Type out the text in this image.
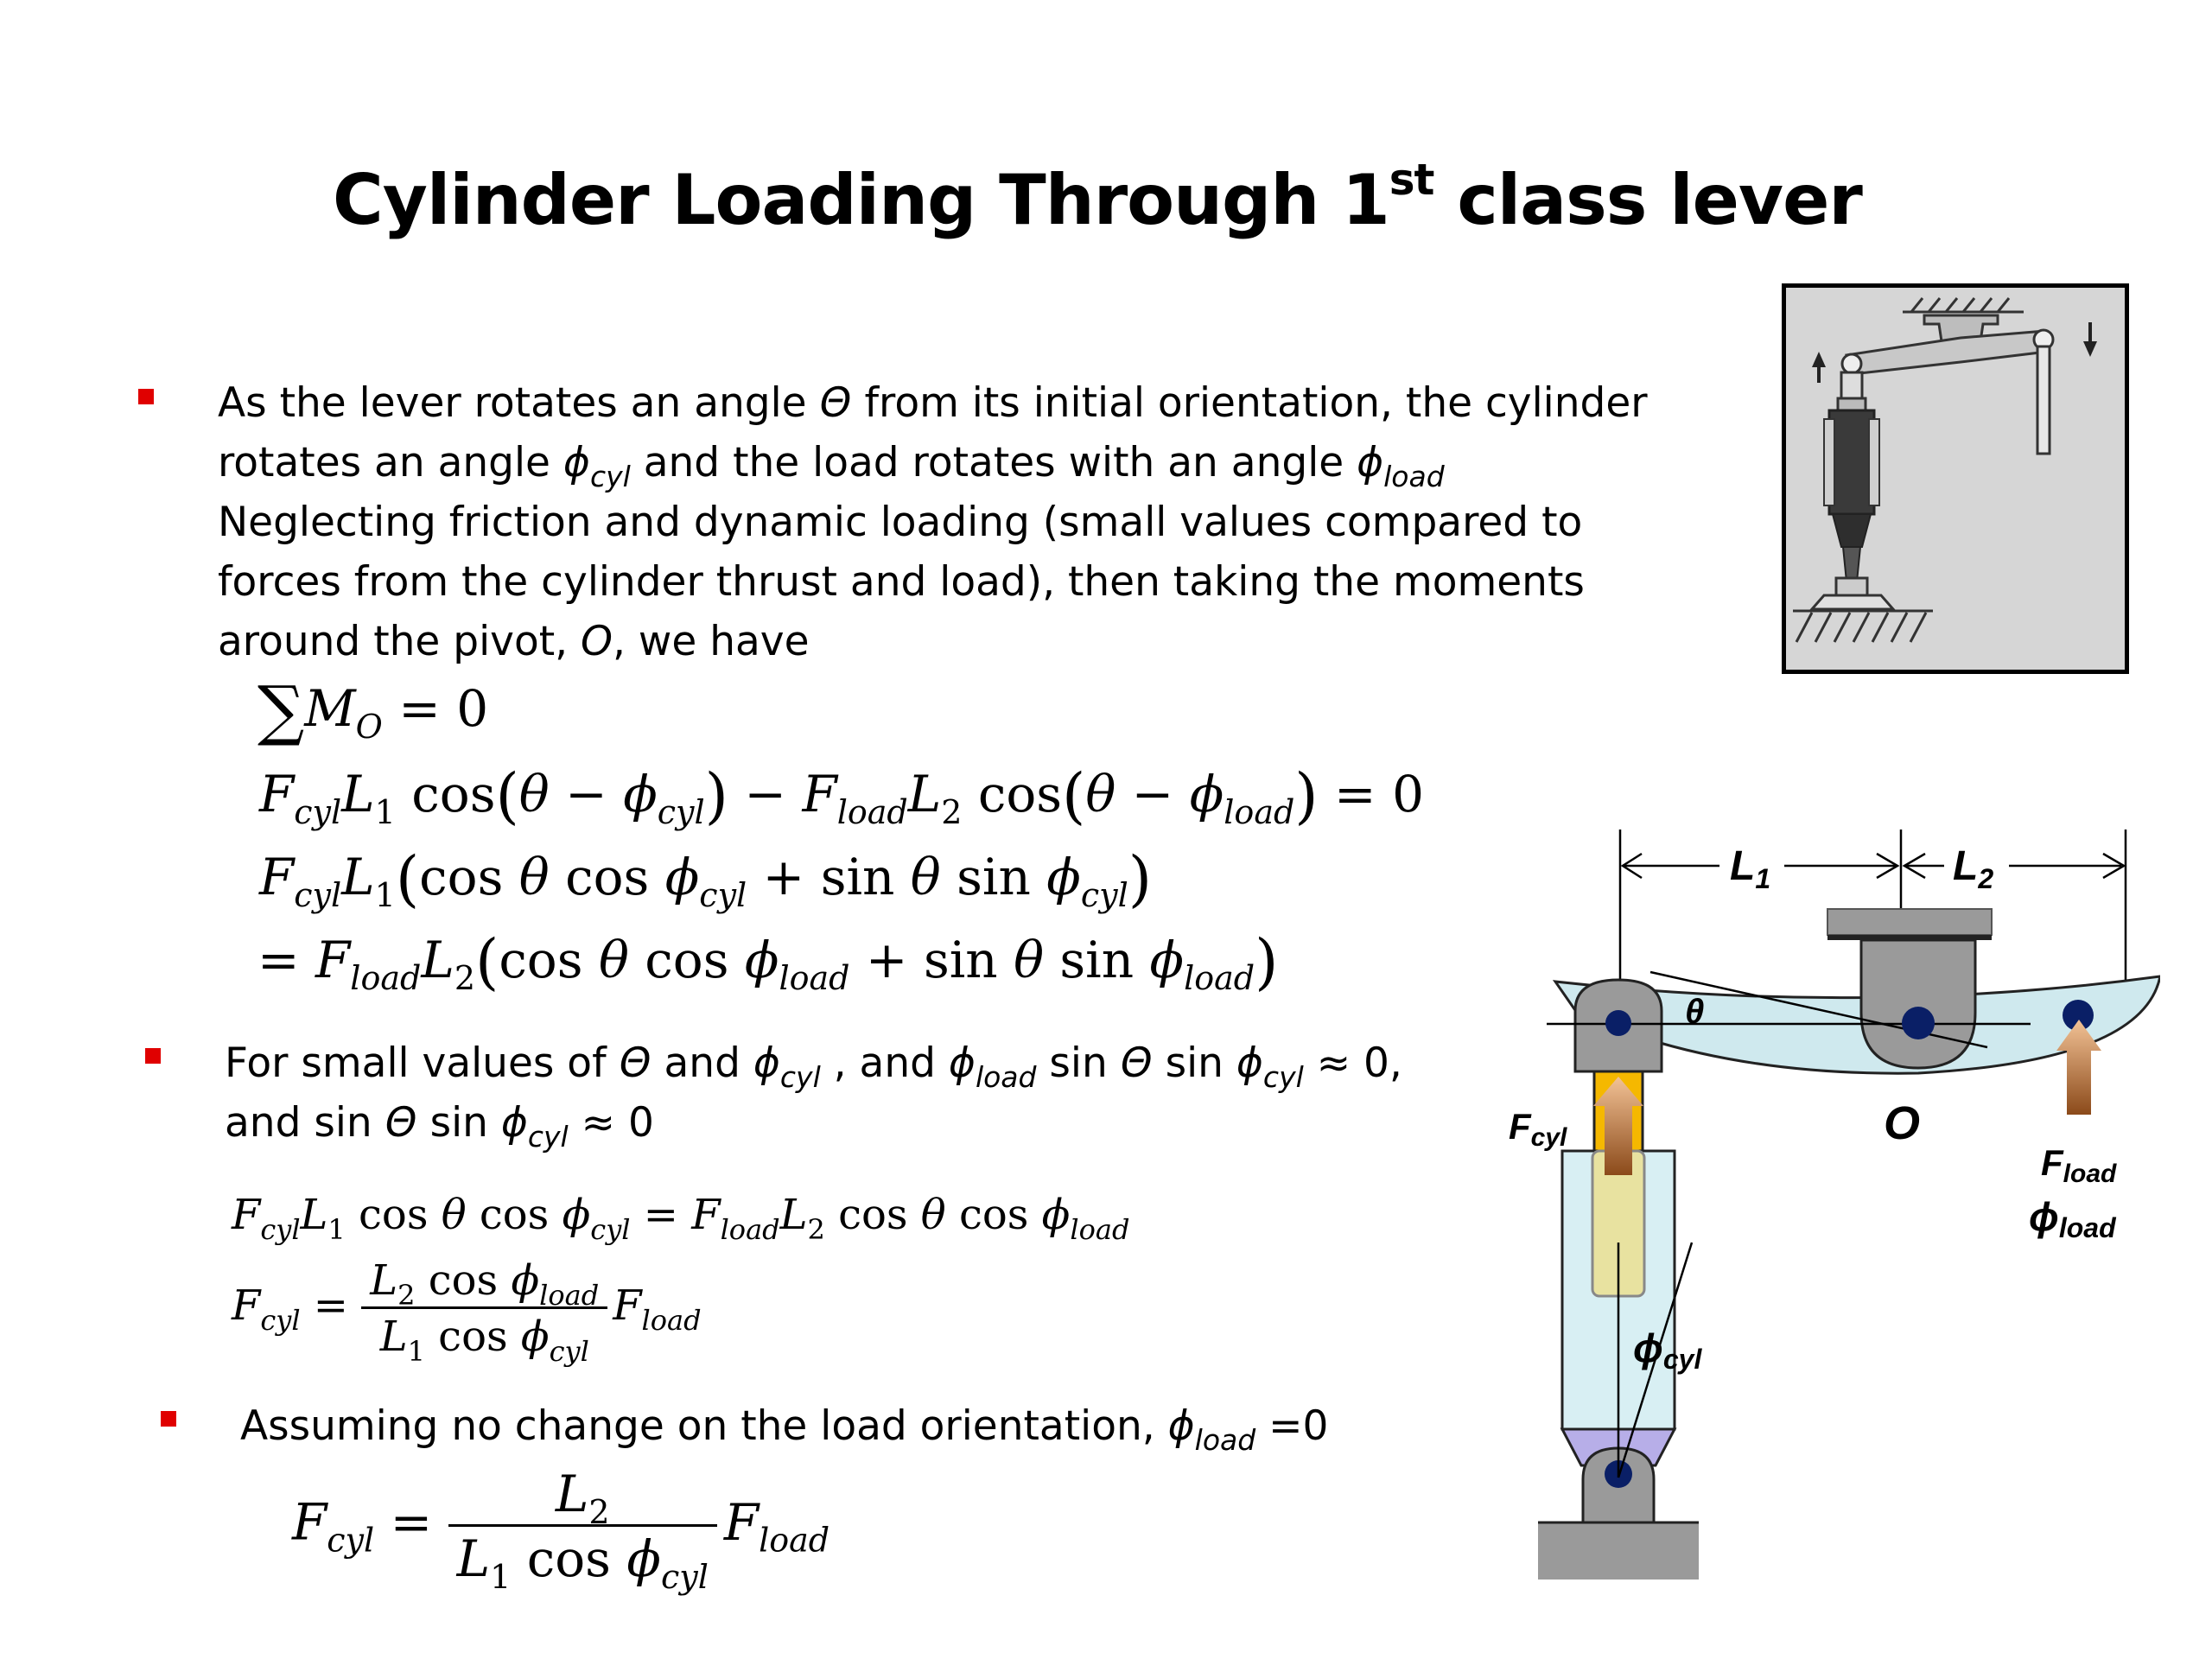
Cylinder Loading Through 1st class lever
As the lever rotates an angle Θ from its initial orientation, the cylinder
rotates an angle $\phi_{cyl}$ and the load rotates with an angle $\phi_{load}$
Neglecting friction and dynamic loading (small values compared to
forces from the cylinder thrust and load), then taking the moments
around the pivot, O, we have
$\sum M_O = 0$
$F_{cyl}L_1$ $\cos(\theta - \phi_{cyl}) - F_{load}L_2$ $\cos(\theta - \phi_{load}) = 0$
$F_{cyl}L_1(\cos$ θ $\cos \phi_{cyl} + \sin \theta$ $\sin \phi_{cyl}$)
= $F_{load}L_2(\cos$ θ $\cos \phi_{load} + \sin \theta$ $\sin \phi_{load}$)
For small values of Θ and $\phi_{cyl}$ , and $\phi_{load}$ sin Θ $\sin \phi_{cyl} \approx 0$,
and sin Θ $\sin \phi_{cyl} \approx 0$
$F_{cyl}L_1$ cos θ $\cos \phi_{cyl} = F_{load}L_2$ cos θ $\cos \phi_{load}$
$F_{cyl} = \frac{L_2 \cos \phi_{load}}{L_1 \cos \phi_{cyl}} F_{load}$
Assuming no change on the load orientation, $\phi_{load} =0$
$F_{cyl} = \frac{L_2}{L_1 \cos \phi_{cyl}} F_{load}$
$L_1$	$L_2$
θ
O
Fcyl
Fload
ϕload
ϕcyl
